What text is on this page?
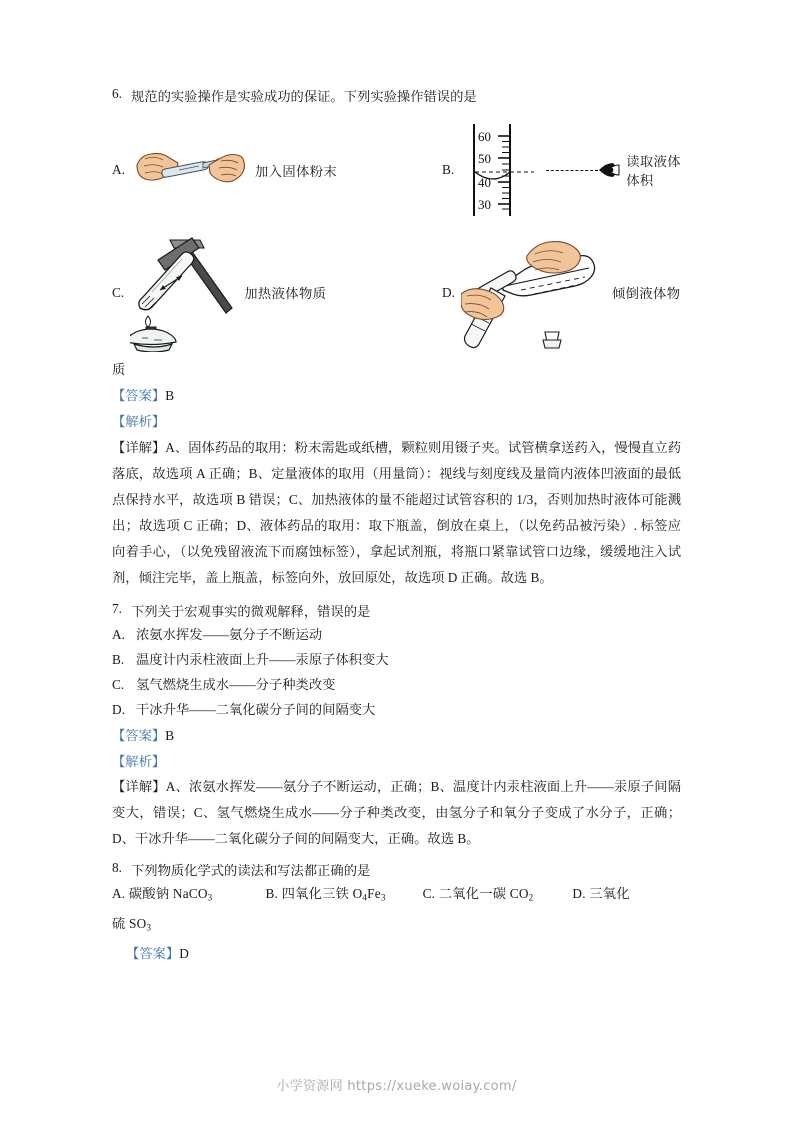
6. 规范的实验操作是实验成功的保证。下列实验操作错误的是
A.	加入固体粉末	B.
60
50
40
30
读取液体体积
C.	加热液体物质	D.	倾倒液体物
质

【答案】B

【解析】

【详解】A、固体药品的取用：粉末需匙或纸槽，颗粒则用镊子夹。试管横拿送药入，慢慢直立药落底，故选项 A 正确；B、定量液体的取用（用量筒）：视线与刻度线及量筒内液体凹液面的最低点保持水平，故选项 B 错误；C、加热液体的量不能超过试管容积的 1/3，否则加热时液体可能溅出；故选项 C 正确；D、液体药品的取用：取下瓶盖，倒放在桌上，（以免药品被污染）. 标签应向着手心，（以免残留液流下而腐蚀标签），拿起试剂瓶，将瓶口紧靠试管口边缘，缓缓地注入试剂，倾注完毕，盖上瓶盖，标签向外，放回原处，故选项 D 正确。故选 B。

7. 下列关于宏观事实的微观解释，错误的是
A. 浓氨水挥发——氨分子不断运动
B. 温度计内汞柱液面上升——汞原子体积变大
C. 氢气燃烧生成水——分子种类改变
D. 干冰升华——二氧化碳分子间的间隔变大

【答案】B

【解析】

【详解】A、浓氨水挥发——氨分子不断运动，正确；B、温度计内汞柱液面上升——汞原子间隔变大，错误；C、氢气燃烧生成水——分子种类改变，由氢分子和氧分子变成了水分子，正确；D、干冰升华——二氧化碳分子间的间隔变大，正确。故选 B。

8. 下列物质化学式的读法和写法都正确的是
A. 碳酸钠 NaCO$_3$	B. 四氧化三铁 $O_4Fe_3$	C. 二氧化一碳 $CO_2$	D. 三氧化
硫 $SO_3$

【答案】D

小学资源网 https://xueke.woiay.com/
